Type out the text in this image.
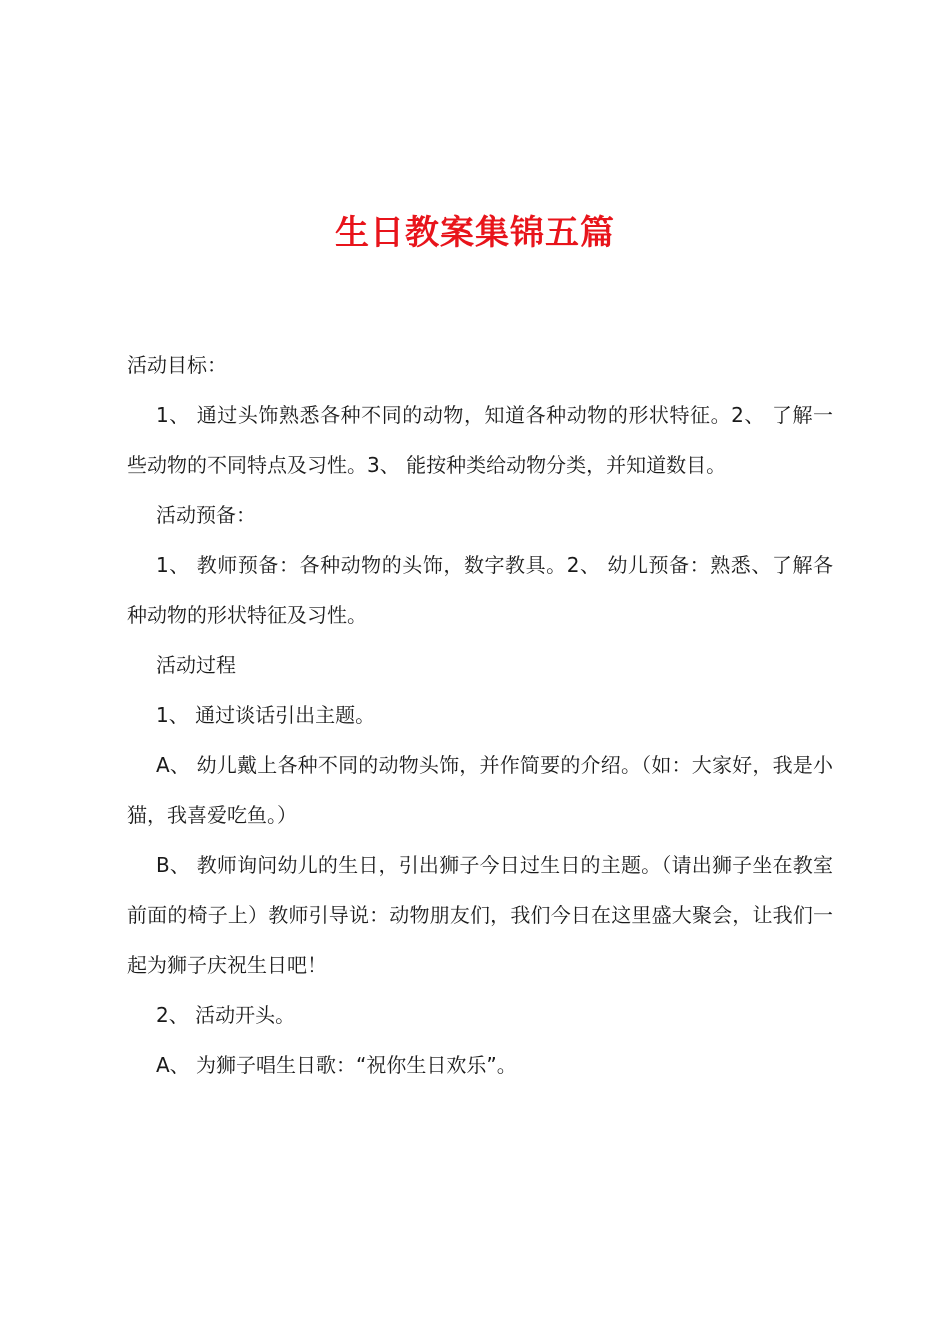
生日教案集锦五篇

活动目标：

1、 通过头饰熟悉各种不同的动物，知道各种动物的形状特征。2、 了解一些动物的不同特点及习性。3、 能按种类给动物分类，并知道数目。

活动预备：

1、 教师预备：各种动物的头饰，数字教具。2、 幼儿预备：熟悉、了解各种动物的形状特征及习性。

活动过程

1、 通过谈话引出主题。

A、 幼儿戴上各种不同的动物头饰，并作简要的介绍。（如：大家好，我是小猫，我喜爱吃鱼。）

B、 教师询问幼儿的生日，引出狮子今日过生日的主题。（请出狮子坐在教室前面的椅子上）教师引导说：动物朋友们，我们今日在这里盛大聚会，让我们一起为狮子庆祝生日吧！

2、 活动开头。

A、 为狮子唱生日歌：“祝你生日欢乐”。
